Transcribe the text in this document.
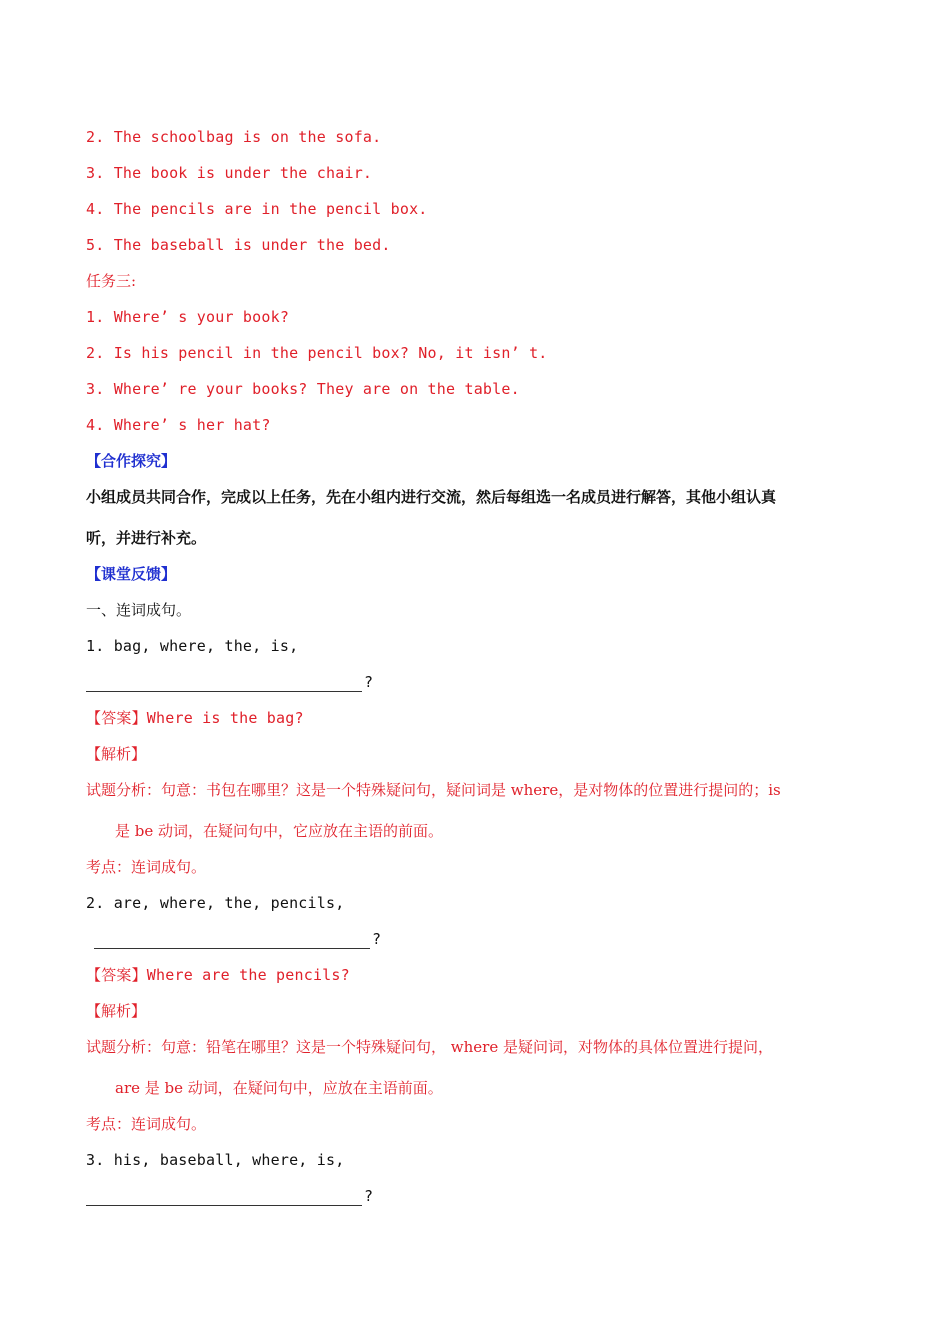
2. The schoolbag is on the sofa.
3. The book is under the chair.
4. The pencils are in the pencil box.
5. The baseball is under the bed.
任务三:
1. Where’ s your book?
2. Is his pencil in the pencil box? No, it isn’ t.
3. Where’ re your books? They are on the table.
4. Where’ s her hat?
【合作探究】
小组成员共同合作，完成以上任务，先在小组内进行交流，然后每组选一名成员进行解答，其他小组认真
听，并进行补充。
【课堂反馈】
一、连词成句。
1. bag, where, the, is,
?
【答案】Where is the bag?
【解析】
试题分析：句意：书包在哪里？这是一个特殊疑问句，疑问词是 where，是对物体的位置进行提问的；is
是 be 动词，在疑问句中，它应放在主语的前面。
考点：连词成句。
2. are, where, the, pencils,
?
【答案】Where are the pencils?
【解析】
试题分析：句意：铅笔在哪里？这是一个特殊疑问句， where 是疑问词，对物体的具体位置进行提问，
are 是 be 动词，在疑问句中，应放在主语前面。
考点：连词成句。
3. his, baseball, where, is,
?
